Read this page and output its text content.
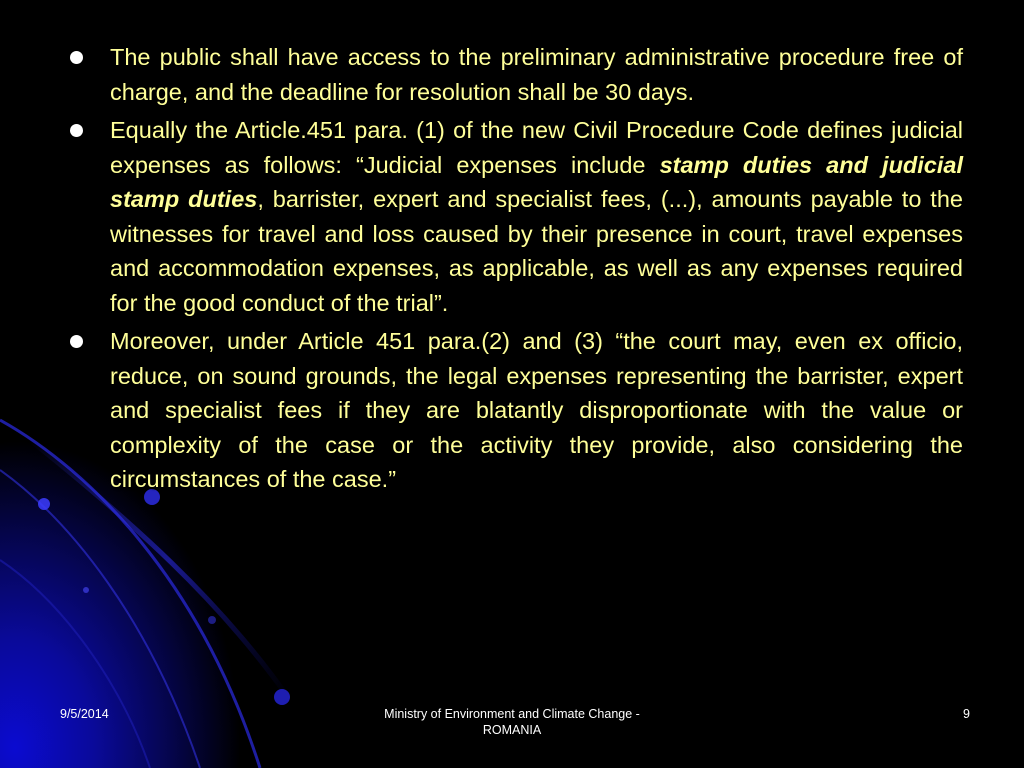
The public shall have access to the preliminary administrative procedure free of charge, and the deadline for resolution shall be 30 days.

Equally the Article.451 para. (1) of the new Civil Procedure Code defines judicial expenses as follows: “Judicial expenses include stamp duties and judicial stamp duties, barrister, expert and specialist fees, (...), amounts payable to the witnesses for travel and loss caused by their presence in court, travel expenses and accommodation expenses, as applicable, as well as any expenses required for the good conduct of the trial”.

Moreover, under Article 451 para.(2) and (3) “the court may, even ex officio, reduce, on sound grounds, the legal expenses representing the barrister, expert and specialist fees if they are blatantly disproportionate with the value or complexity of the case or the activity they provide, also considering the circumstances of the case.”

9/5/2014	Ministry of Environment and Climate Change -
ROMANIA
9
